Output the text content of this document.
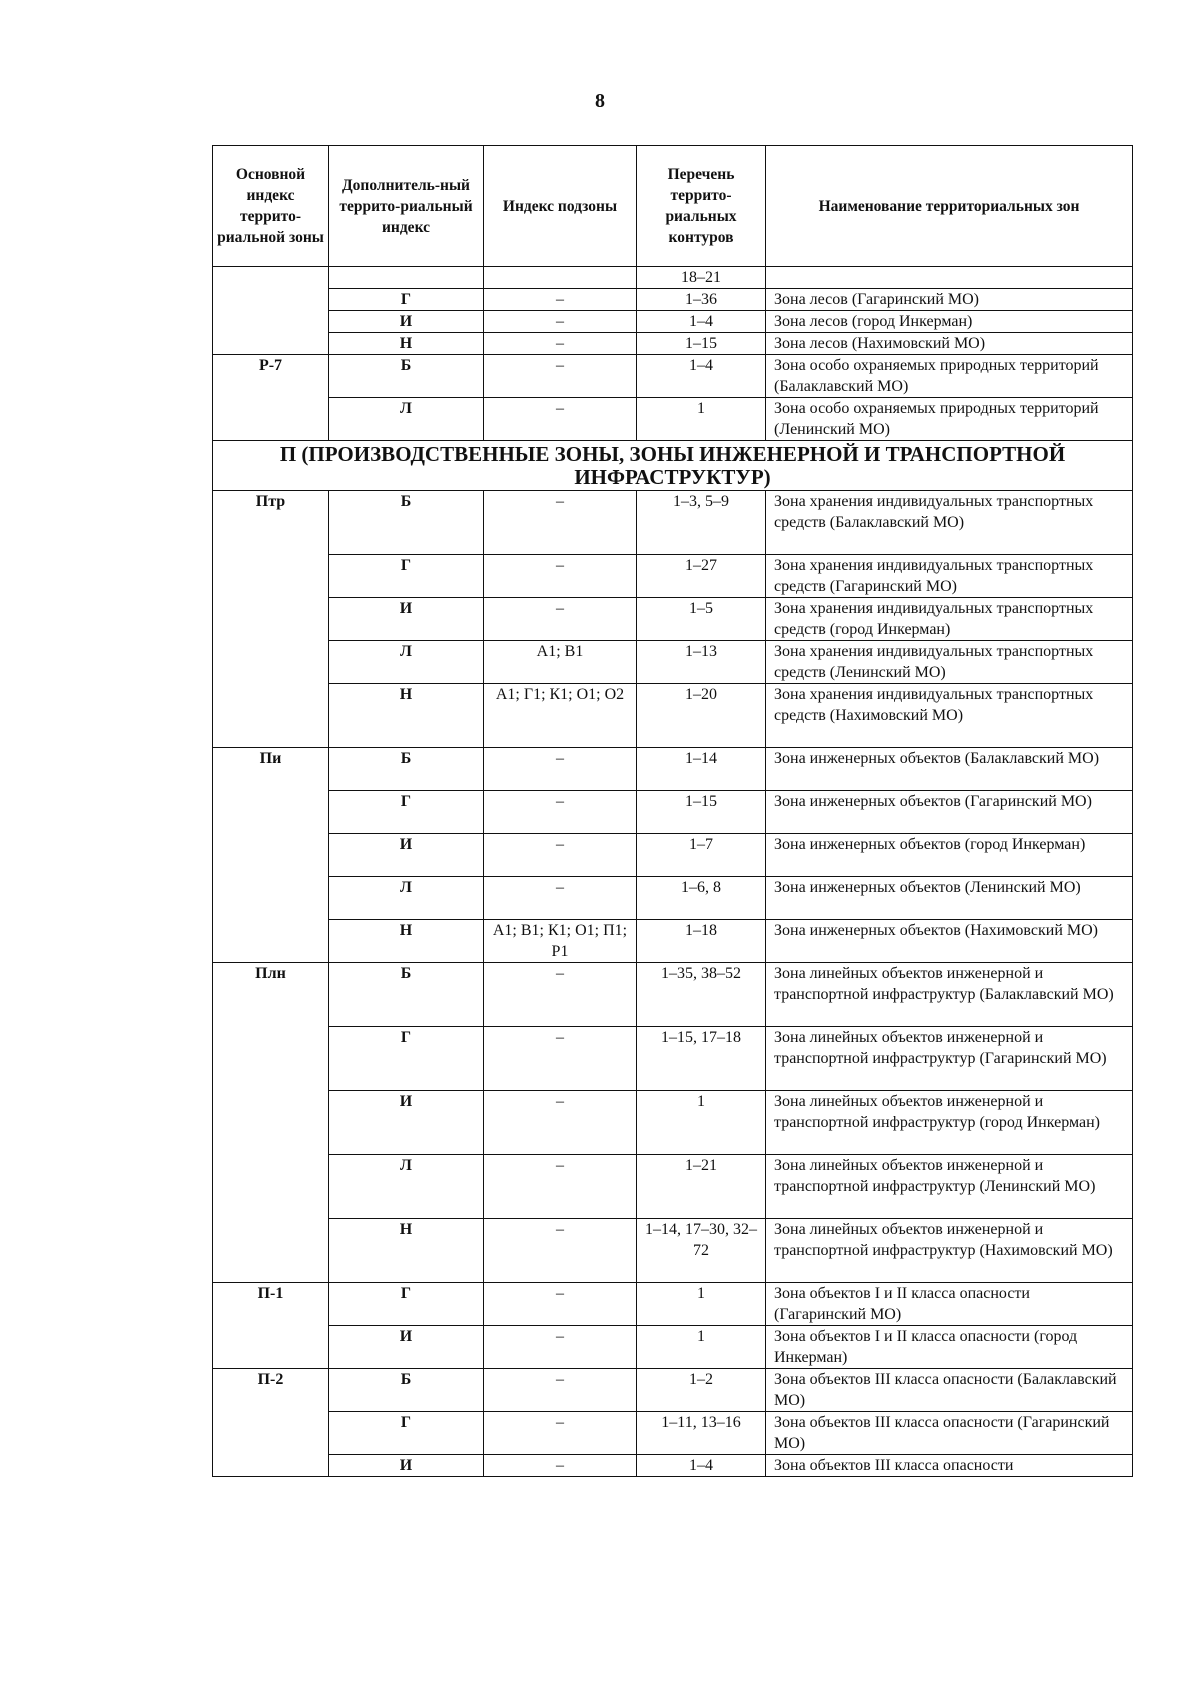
8
Основной индекс террито-риальной зоны	Дополнитель-ный террито-риальный индекс	Индекс подзоны	Перечень террито-риальных контуров	Наименование территориальных зон
			18–21	
	Г	–	1–36	Зона лесов (Гагаринский МО)
	И	–	1–4	Зона лесов (город Инкерман)
	Н	–	1–15	Зона лесов (Нахимовский МО)
Р-7	Б	–	1–4	Зона особо охраняемых природных территорий (Балаклавский МО)
	Л	–	1	Зона особо охраняемых природных территорий (Ленинский МО)
П (ПРОИЗВОДСТВЕННЫЕ ЗОНЫ, ЗОНЫ ИНЖЕНЕРНОЙ И ТРАНСПОРТНОЙ ИНФРАСТРУКТУР)				
Птр	Б	–	1–3, 5–9	Зона хранения индивидуальных транспортных средств (Балаклавский МО)
	Г	–	1–27	Зона хранения индивидуальных транспортных средств (Гагаринский МО)
	И	–	1–5	Зона хранения индивидуальных транспортных средств (город Инкерман)
	Л	А1; В1	1–13	Зона хранения индивидуальных транспортных средств (Ленинский МО)
	Н	А1; Г1; К1; О1; О2	1–20	Зона хранения индивидуальных транспортных средств (Нахимовский МО)
Пи	Б	–	1–14	Зона инженерных объектов (Балаклавский МО)
	Г	–	1–15	Зона инженерных объектов (Гагаринский МО)
	И	–	1–7	Зона инженерных объектов (город Инкерман)
	Л	–	1–6, 8	Зона инженерных объектов (Ленинский МО)
	Н	А1; В1; К1; О1; П1; Р1	1–18	Зона инженерных объектов (Нахимовский МО)
Плн	Б	–	1–35, 38–52	Зона линейных объектов инженерной и транспортной инфраструктур (Балаклавский МО)
	Г	–	1–15, 17–18	Зона линейных объектов инженерной и транспортной инфраструктур (Гагаринский МО)
	И	–	1	Зона линейных объектов инженерной и транспортной инфраструктур (город Инкерман)
	Л	–	1–21	Зона линейных объектов инженерной и транспортной инфраструктур (Ленинский МО)
	Н	–	1–14, 17–30, 32–72	Зона линейных объектов инженерной и транспортной инфраструктур (Нахимовский МО)
П-1	Г	–	1	Зона объектов I и II класса опасности (Гагаринский МО)
	И	–	1	Зона объектов I и II класса опасности (город Инкерман)
П-2	Б	–	1–2	Зона объектов III класса опасности (Балаклавский МО)
	Г	–	1–11, 13–16	Зона объектов III класса опасности (Гагаринский МО)
	И	–	1–4	Зона объектов III класса опасности
